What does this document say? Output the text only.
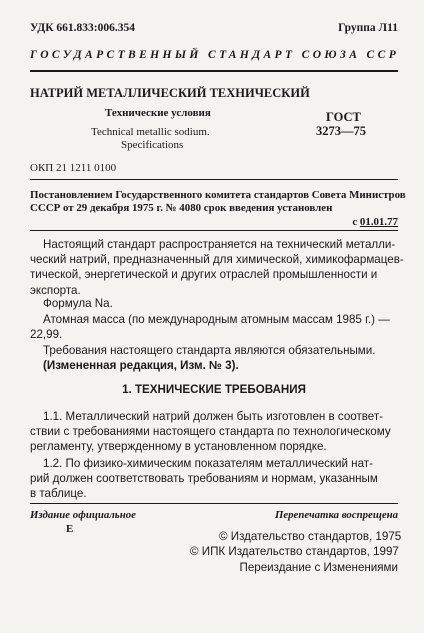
УДК 661.833:006.354	Группа Л11
ГОСУДАРСТВЕННЫЙ СТАНДАРТ СОЮЗА ССР
НАТРИЙ МЕТАЛЛИЧЕСКИЙ ТЕХНИЧЕСКИЙ
Технические условия
Technical metallic sodium.
Specifications
ГОСТ
3273—75
ОКП 21 1211 0100
Постановлением Государственного комитета стандартов Совета Министров
СССР от 29 декабря 1975 г. № 4080 срок введения установлен
с 01.01.77
Настоящий стандарт распространяется на технический металли-
ческий натрий, предназначенный для химической, химикофармацев-
тической, энергетической и других отраслей промышленности и
экспорта.
Формула Na.
Атомная масса (по международным атомным массам 1985 г.) —
22,99.
Требования настоящего стандарта являются обязательными.
(Измененная редакция, Изм. № 3).
1. ТЕХНИЧЕСКИЕ ТРЕБОВАНИЯ
1.1. Металлический натрий должен быть изготовлен в соответ-
ствии с требованиями настоящего стандарта по технологическому
регламенту, утвержденному в установленном порядке.
1.2. По физико-химическим показателям металлический нат-
рий должен соответствовать требованиям и нормам, указанным
в таблице.
Издание официальное
Е
Перепечатка воспрещена
© Издательство стандартов, 1975
© ИПК Издательство стандартов, 1997
Переиздание с Изменениями
